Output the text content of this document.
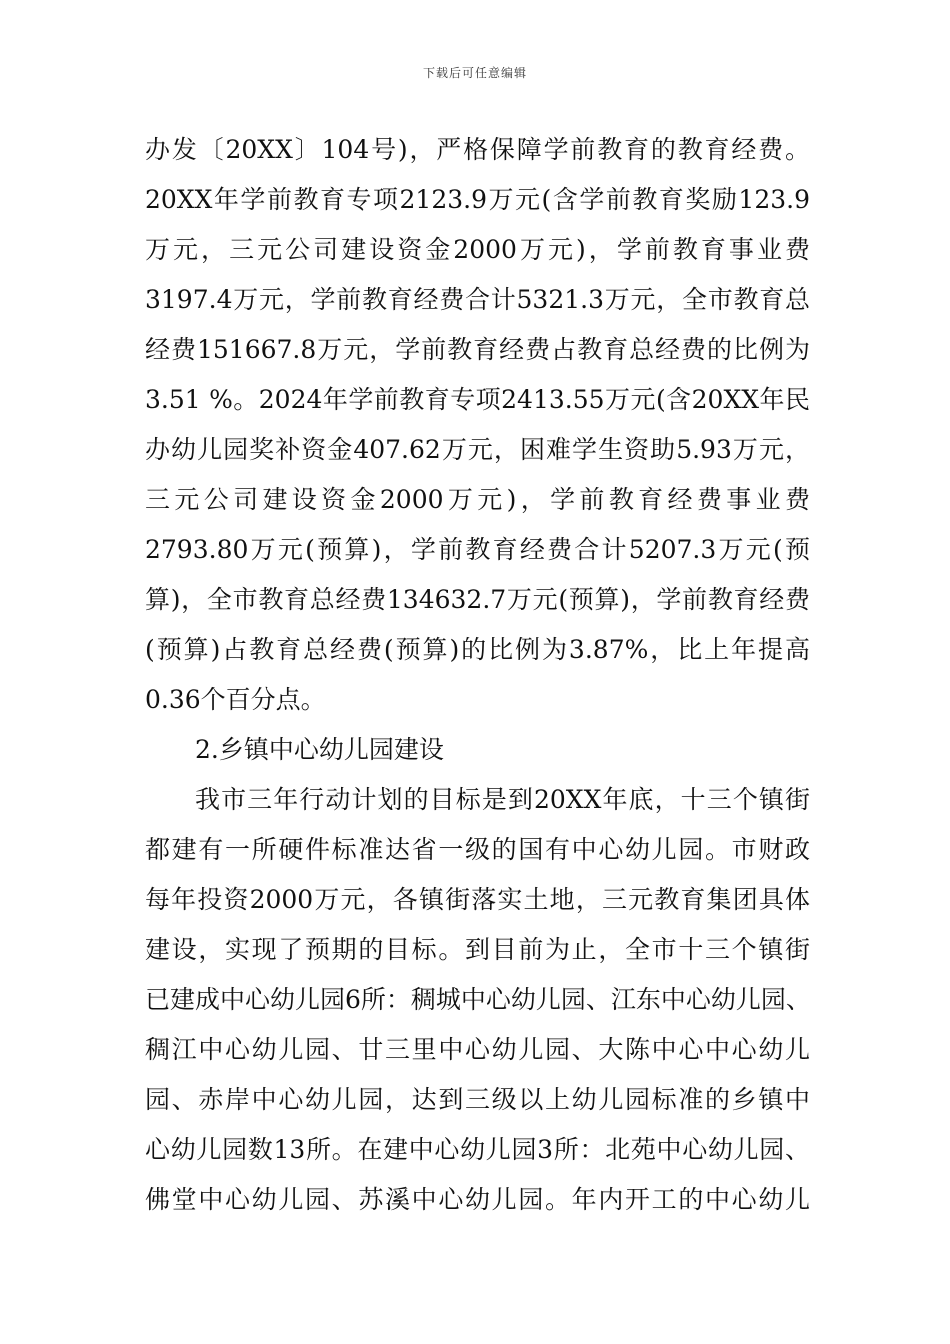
下载后可任意编辑
办发〔20XX〕104号)，严格保障学前教育的教育经费。
20XX年学前教育专项2123.9万元(含学前教育奖励123.9
万元，三元公司建设资金2000万元)，学前教育事业费
3197.4万元，学前教育经费合计5321.3万元，全市教育总
经费151667.8万元，学前教育经费占教育总经费的比例为
3.51 %。2024年学前教育专项2413.55万元(含20XX年民
办幼儿园奖补资金407.62万元，困难学生资助5.93万元，
三元公司建设资金2000万元)，学前教育经费事业费
2793.80万元(预算)，学前教育经费合计5207.3万元(预
算)，全市教育总经费134632.7万元(预算)，学前教育经费
(预算)占教育总经费(预算)的比例为3.87%，比上年提高
0.36个百分点。
2.乡镇中心幼儿园建设
我市三年行动计划的目标是到20XX年底，十三个镇街
都建有一所硬件标准达省一级的国有中心幼儿园。市财政
每年投资2000万元，各镇街落实土地，三元教育集团具体
建设，实现了预期的目标。到目前为止，全市十三个镇街
已建成中心幼儿园6所：稠城中心幼儿园、江东中心幼儿园、
稠江中心幼儿园、廿三里中心幼儿园、大陈中心中心幼儿
园、赤岸中心幼儿园，达到三级以上幼儿园标准的乡镇中
心幼儿园数13所。在建中心幼儿园3所：北苑中心幼儿园、
佛堂中心幼儿园、苏溪中心幼儿园。年内开工的中心幼儿
